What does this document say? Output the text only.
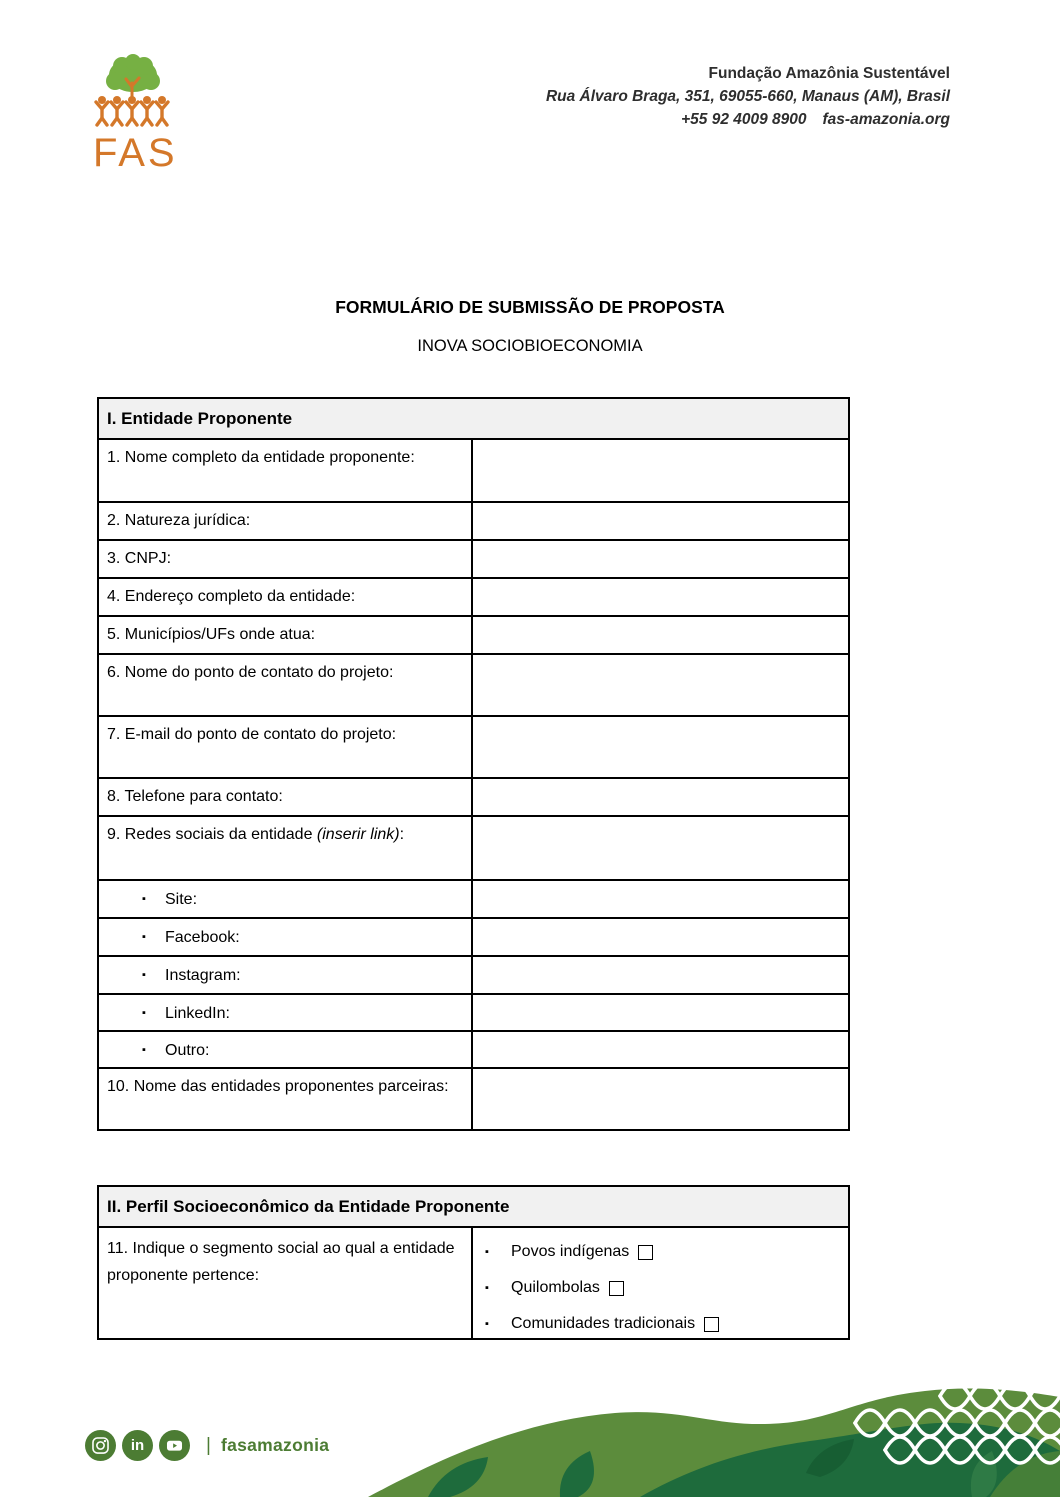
FAS
Fundação Amazônia Sustentável
Rua Álvaro Braga, 351, 69055-660, Manaus (AM), Brasil
+55 92 4009 8900 fas-amazonia.org
FORMULÁRIO DE SUBMISSÃO DE PROPOSTA
INOVA SOCIOBIOECONOMIA
I. Entidade Proponente
1. Nome completo da entidade proponente:
2. Natureza jurídica:
3. CNPJ:
4. Endereço completo da entidade:
5. Municípios/UFs onde atua:
6. Nome do ponto de contato do projeto:
7. E-mail do ponto de contato do projeto:
8. Telefone para contato:
9. Redes sociais da entidade (inserir link):
▪ Site:
▪ Facebook:
▪ Instagram:
▪ LinkedIn:
▪ Outro:
10. Nome das entidades proponentes parceiras:
II. Perfil Socioeconômico da Entidade Proponente
11. Indique o segmento social ao qual a entidade proponente pertence:
▪	Povos indígenas
▪	Quilombolas
▪	Comunidades tradicionais
in	| fasamazonia
